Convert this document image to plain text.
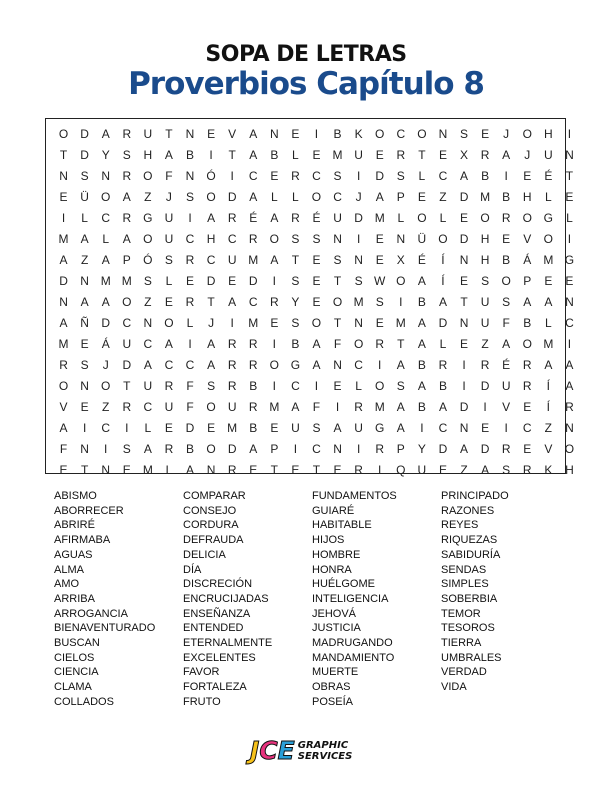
SOPA DE LETRAS
Proverbios Capítulo 8
O	D	A	R	U	T	N	E	V	A	N	E	I	B	K	O	C	O	N	S	E	J	O	H	I
T	D	Y	S	H	A	B	I	T	A	B	L	E	M U	E	R	T	E	X	R	A	J	U	N
N	S	N	R	O	F	N	Ó	I	C	E	R	C	S	I	D	S	L	C	A	B	I	E	É	T
E	Ü	O	A	Z	J	S	O	D	A	L	L	O	C	J	A	P	E	Z	D M	B	H	L	E
I	L	C	R	G	U	I	A	R	É	A	R	É	U	D M	L	O	L	E	O	R	O G	L
M	A	L	A	O	U	C	H	C	R	O	S	S	N	I	E	N	Ü	O	D	H	E	V	O	I
A	Z	A	P	Ó	S	R	C	U M	A	T	E	S	N	E	X	É	Í	N	H	B	Á	M G
D	N M M	S	L	E	D	E	D	I	S	E	T	S W O	A	Í	E	S	O	P	E	E
N	A	A	O	Z	E	R	T	A	C	R	Y	E	O M	S	I	B	A	T	U	S	A	A	N
A	Ñ	D	C	N	O	L	J	I	M	E	S	O	T	N	E	M	A	D	N	U	F	B	L	C
M	E	Á	U	C	A	I	A	R	R	I	B	A	F	O	R	T	A	L	E	Z	A	O M	I
R	S	J	D	A	C	C	A	R	R	O G	A	N	C	I	A	B	R	I	R	É	R	A	A
O	N	O	T	U	R	F	S	R	B	I	C	I	E	L	O	S	A	B	I	D	U	R	Í	A
V	E	Z	R	C	U	F	O	U	R M	A	F	I	R M	A	B	A	D	I	V	E	Í	R
A	I	C	I	L	E	D	E	M	B	E	U	S	A	U	G	A	I	C	N	E	I	C	Z	N
F	N	I	S	A	R	B	O	D	A	P	I	C	N	I	R	P	Y	D	A	D	R	E	V	O
E	T	N	E	M	L	A	N	R	E	T	E	T	E	R	I	Q	U	E	Z	A	S	R	K	H
ABISMO
ABORRECER
ABRIRÉ
AFIRMABA
AGUAS
ALMA
AMO
ARRIBA
ARROGANCIA
BIENAVENTURADO
BUSCAN
CIELOS
CIENCIA
CLAMA
COLLADOS
COMPARAR
CONSEJO
CORDURA
DEFRAUDA
DELICIA
DÍA
DISCRECIÓN
ENCRUCIJADAS
ENSEÑANZA
ENTENDED
ETERNALMENTE
EXCELENTES
FAVOR
FORTALEZA
FRUTO
FUNDAMENTOS
GUIARÉ
HABITABLE
HIJOS
HOMBRE
HONRA
HUÉLGOME
INTELIGENCIA
JEHOVÁ
JUSTICIA
MADRUGANDO
MANDAMIENTO
MUERTE
OBRAS
POSEÍA
PRINCIPADO
RAZONES
REYES
RIQUEZAS
SABIDURÍA
SENDAS
SIMPLES
SOBERBIA
TEMOR
TESOROS
TIERRA
UMBRALES
VERDAD
VIDA
J C E GRAPHIC
SERVICES
